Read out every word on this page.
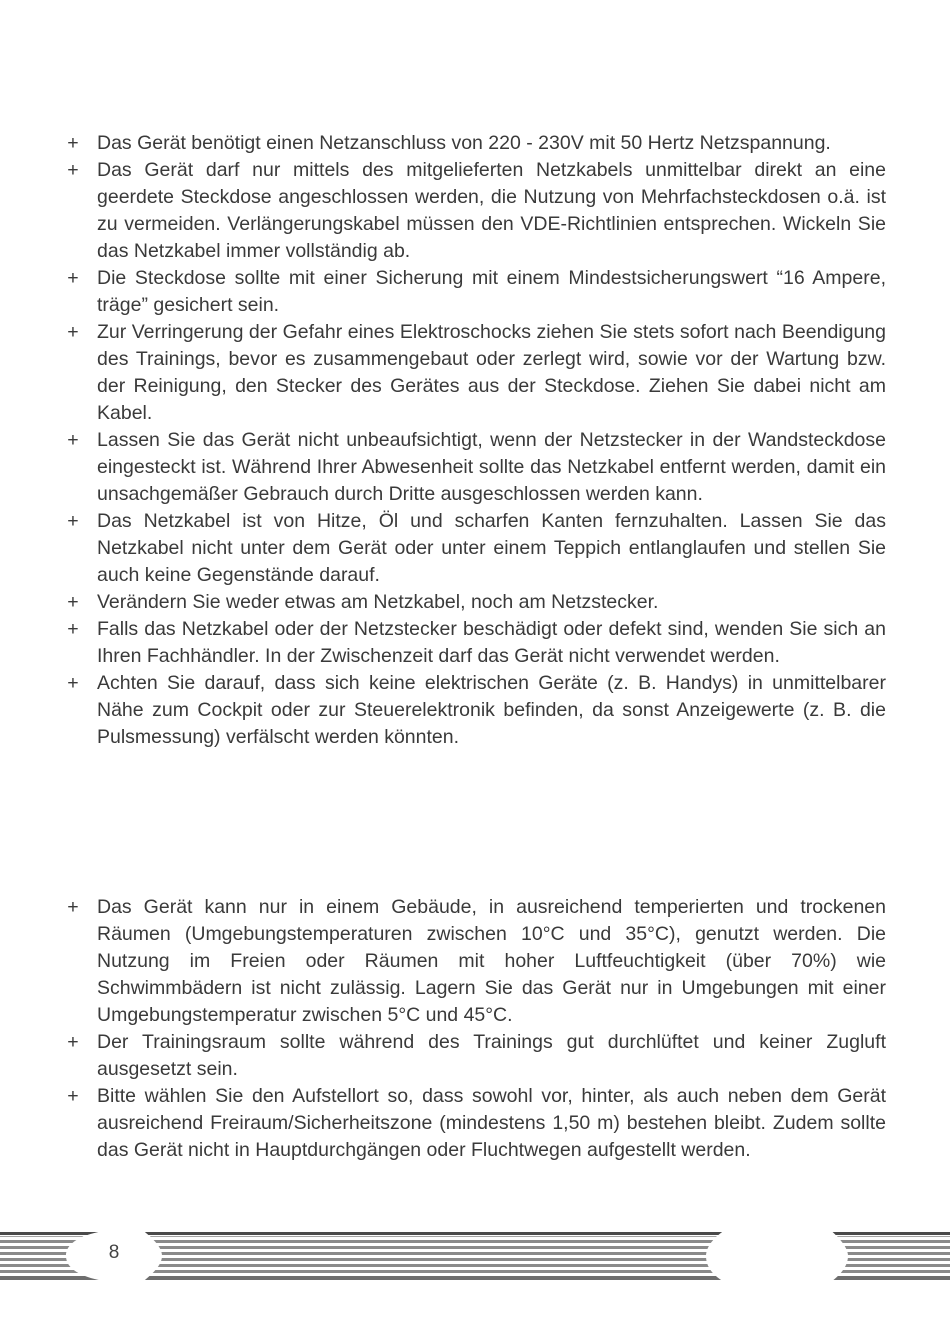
+ Das Gerät benötigt einen Netzanschluss von 220 - 230V mit 50 Hertz Netzspannung.
+ Das Gerät darf nur mittels des mitgelieferten Netzkabels unmittelbar direkt an eine geerdete Steckdose angeschlossen werden, die Nutzung von Mehrfachsteckdosen o.ä. ist zu vermeiden. Verlängerungskabel müssen den VDE-Richtlinien entsprechen. Wickeln Sie das Netzkabel immer vollständig ab.
+ Die Steckdose sollte mit einer Sicherung mit einem Mindestsicherungswert “16 Ampere, träge” gesichert sein.
+ Zur Verringerung der Gefahr eines Elektroschocks ziehen Sie stets sofort nach Beendigung des Trainings, bevor es zusammengebaut oder zerlegt wird, sowie vor der Wartung bzw. der Reinigung, den Stecker des Gerätes aus der Steckdose. Ziehen Sie dabei nicht am Kabel.
+ Lassen Sie das Gerät nicht unbeaufsichtigt, wenn der Netzstecker in der Wandsteckdose eingesteckt ist. Während Ihrer Abwesenheit sollte das Netzkabel entfernt werden, damit ein unsachgemäßer Gebrauch durch Dritte ausgeschlossen werden kann.
+ Das Netzkabel ist von Hitze, Öl und scharfen Kanten fernzuhalten. Lassen Sie das Netzkabel nicht unter dem Gerät oder unter einem Teppich entlanglaufen und stellen Sie auch keine Gegenstände darauf.
+ Verändern Sie weder etwas am Netzkabel, noch am Netzstecker.
+ Falls das Netzkabel oder der Netzstecker beschädigt oder defekt sind, wenden Sie sich an Ihren Fachhändler. In der Zwischenzeit darf das Gerät nicht verwendet werden.
+ Achten Sie darauf, dass sich keine elektrischen Geräte (z. B. Handys) in unmittelbarer Nähe zum Cockpit oder zur Steuerelektronik befinden, da sonst Anzeigewerte (z. B. die Pulsmessung) verfälscht werden könnten.
+ Das Gerät kann nur in einem Gebäude, in ausreichend temperierten und trockenen Räumen (Umgebungstemperaturen zwischen 10°C und 35°C), genutzt werden. Die Nutzung im Freien oder Räumen mit hoher Luftfeuchtigkeit (über 70%) wie Schwimmbädern ist nicht zulässig. Lagern Sie das Gerät nur in Umgebungen mit einer Umgebungstemperatur zwischen 5°C und 45°C.
+ Der Trainingsraum sollte während des Trainings gut durchlüftet und keiner Zugluft ausgesetzt sein.
+ Bitte wählen Sie den Aufstellort so, dass sowohl vor, hinter, als auch neben dem Gerät ausreichend Freiraum/Sicherheitszone (mindestens 1,50 m) bestehen bleibt. Zudem sollte das Gerät nicht in Hauptdurchgängen oder Fluchtwegen aufgestellt werden.
8
